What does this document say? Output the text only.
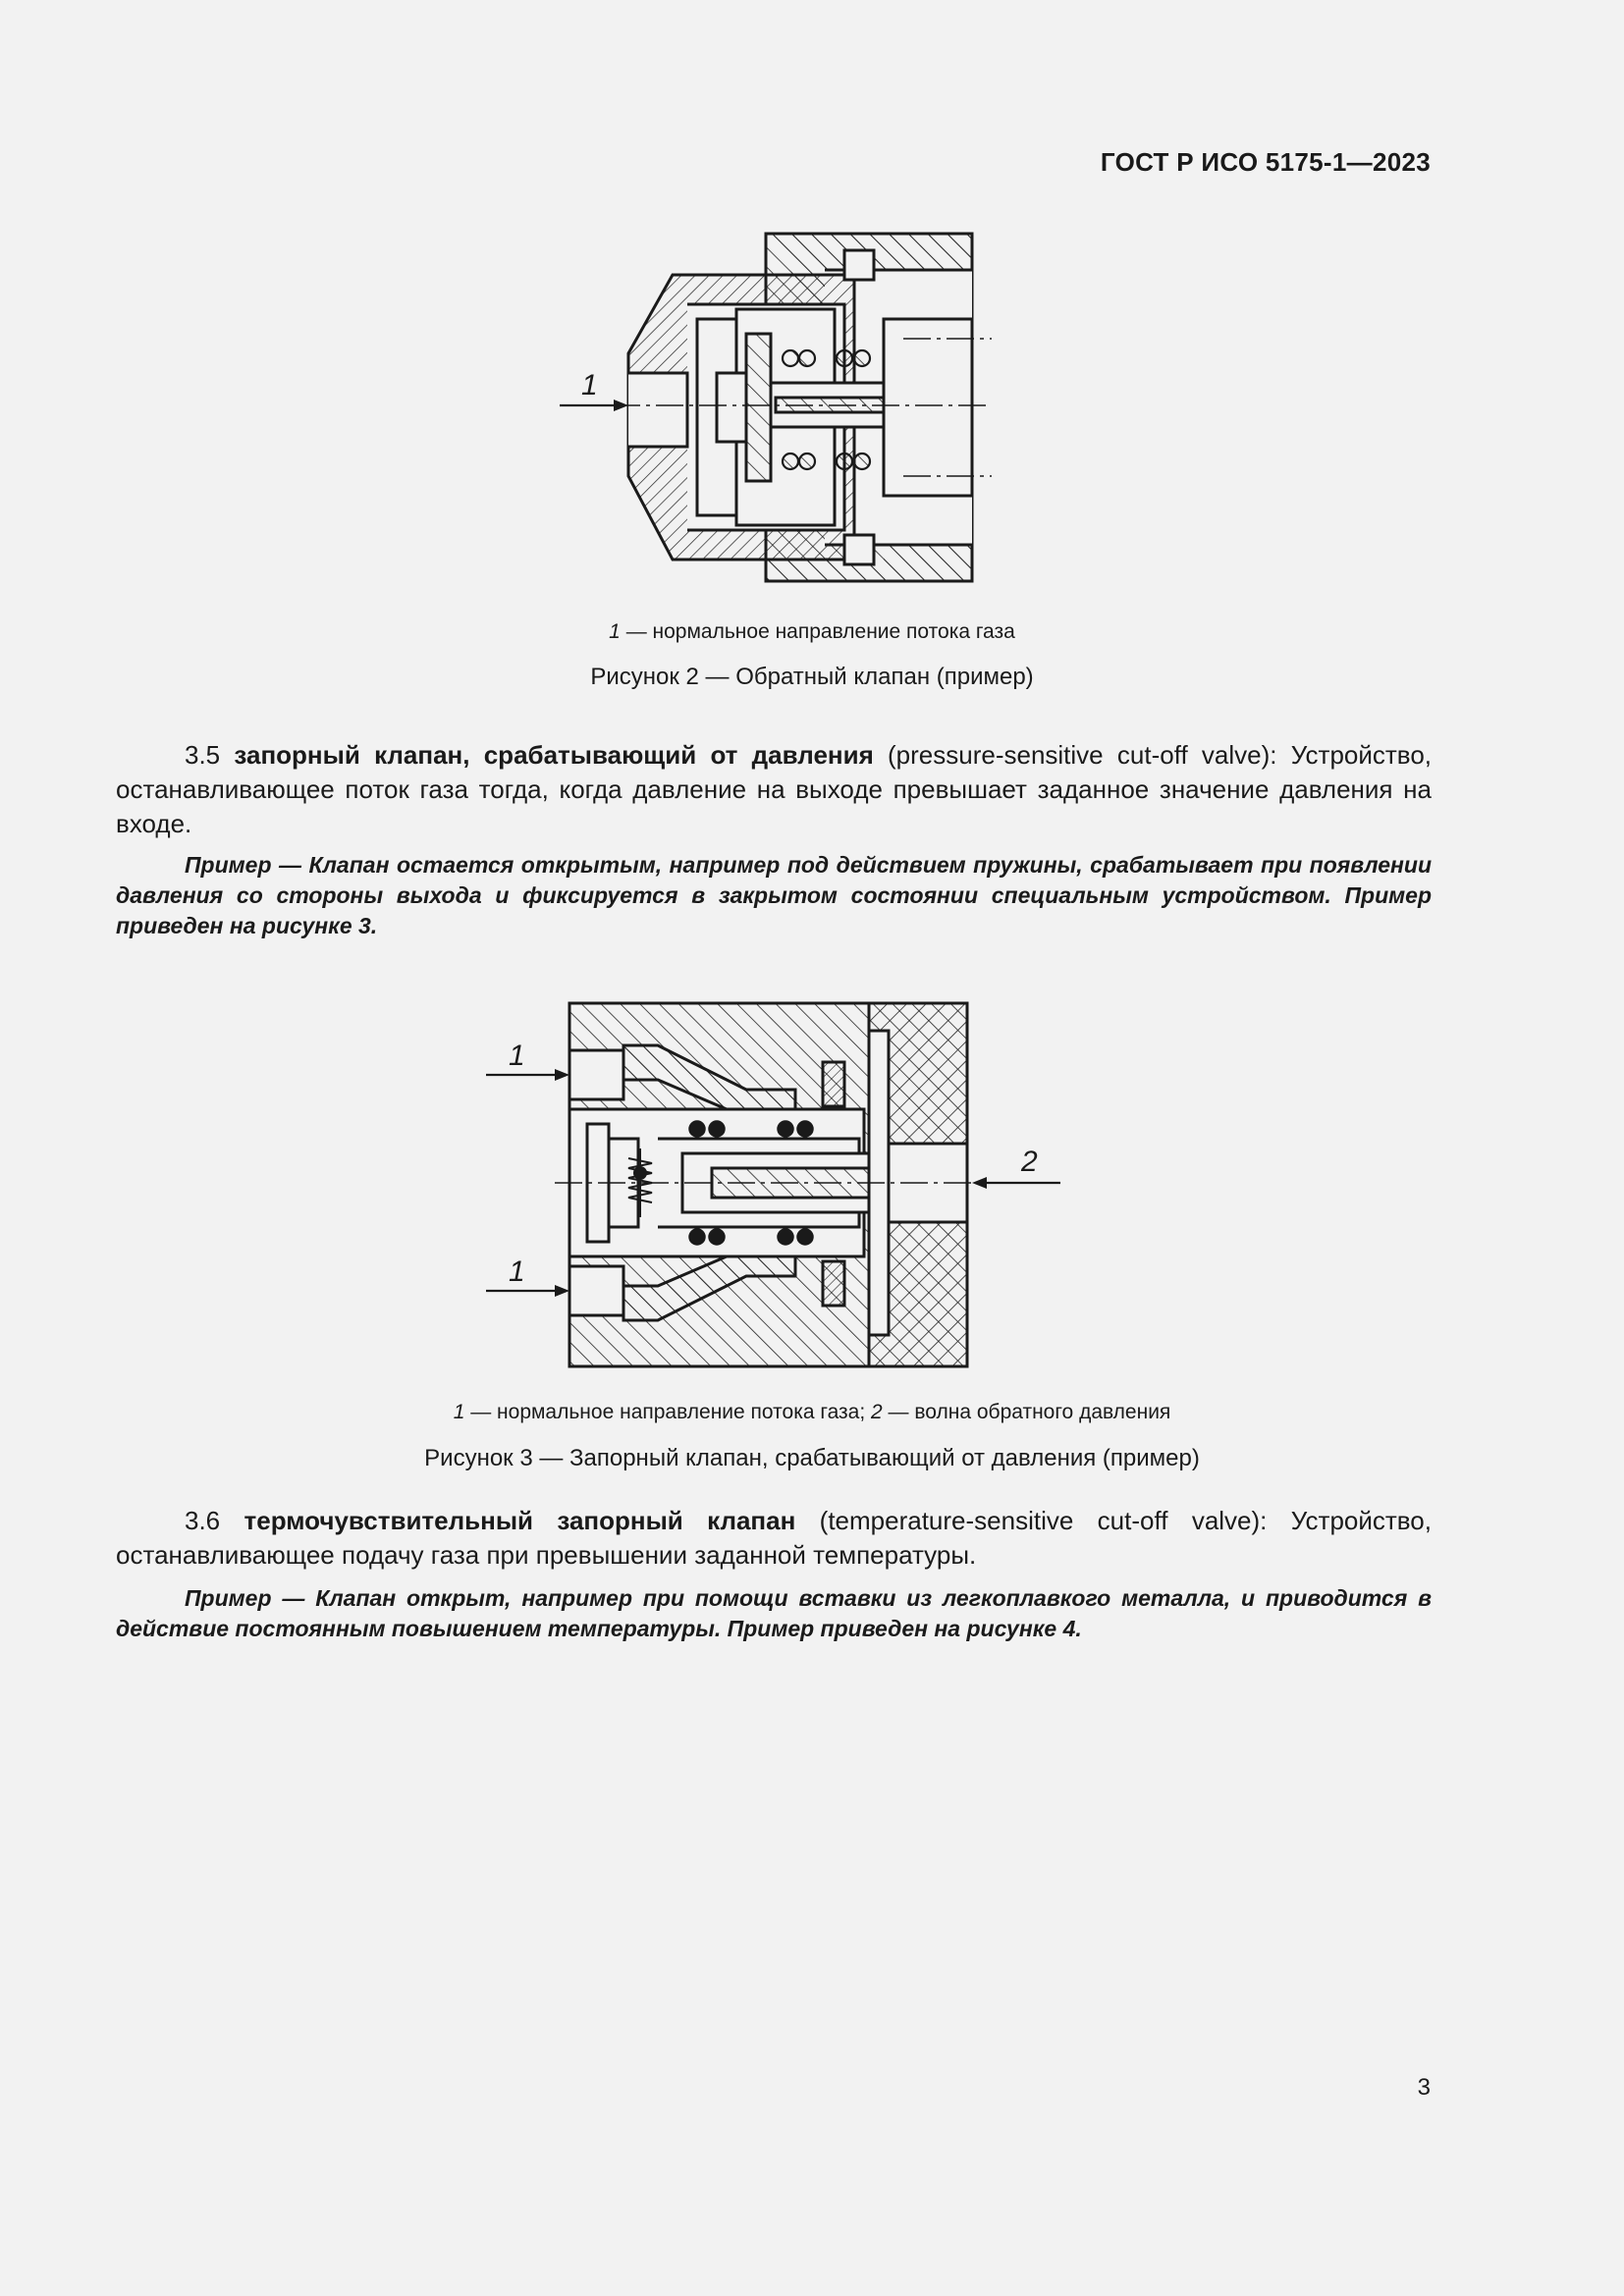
ГОСТ Р ИСО 5175-1—2023
1
1 — нормальное направление потока газа
Рисунок 2 — Обратный клапан (пример)
3.5 запорный клапан, срабатывающий от давления (pressure-sensitive cut-off valve): Устройство, останавливающее поток газа тогда, когда давление на выходе превышает заданное значение давления на входе.
Пример — Клапан остается открытым, например под действием пружины, срабатывает при появлении давления со стороны выхода и фиксируется в закрытом состоянии специальным устройством. Пример приведен на рисунке 3.
1
1
2
1 — нормальное направление потока газа; 2 — волна обратного давления
Рисунок 3 — Запорный клапан, срабатывающий от давления (пример)
3.6 термочувствительный запорный клапан (temperature-sensitive cut-off valve): Устройство, останавливающее подачу газа при превышении заданной температуры.
Пример — Клапан открыт, например при помощи вставки из легкоплавкого металла, и приводится в действие постоянным повышением температуры. Пример приведен на рисунке 4.
3
